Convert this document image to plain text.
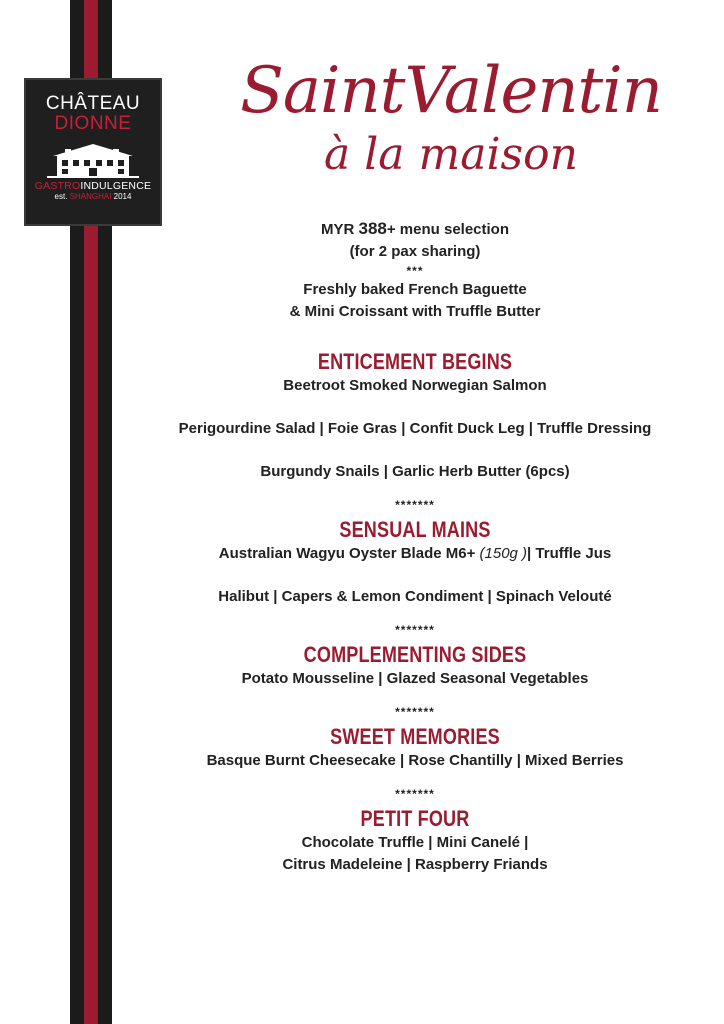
CHÂTEAU
DIONNE
GASTROINDULGENCE
est. SHANGHAI 2014
SaintValentin
à la maison
MYR 388+ menu selection
(for 2 pax sharing)
***
Freshly baked French Baguette
& Mini Croissant with Truffle Butter
ENTICEMENT BEGINS
Beetroot Smoked Norwegian Salmon
Perigourdine Salad | Foie Gras | Confit Duck Leg | Truffle Dressing
Burgundy Snails | Garlic Herb Butter (6pcs)
*******
SENSUAL MAINS
Australian Wagyu Oyster Blade M6+ (150g )| Truffle Jus
Halibut | Capers & Lemon Condiment | Spinach Velouté
*******
COMPLEMENTING SIDES
Potato Mousseline | Glazed Seasonal Vegetables
*******
SWEET MEMORIES
Basque Burnt Cheesecake | Rose Chantilly | Mixed Berries
*******
PETIT FOUR
Chocolate Truffle | Mini Canelé |
Citrus Madeleine | Raspberry Friands
